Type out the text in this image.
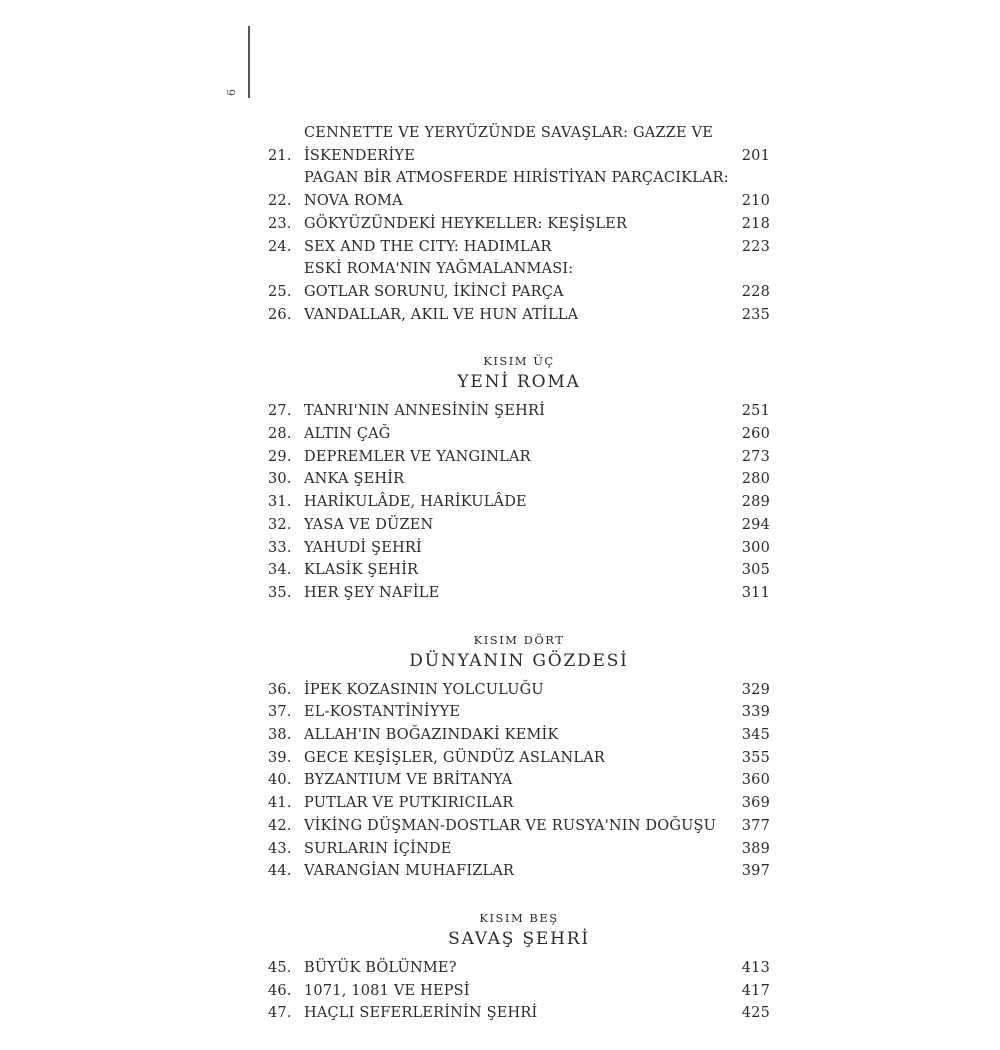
6
21.
CENNETTE VE YERYÜZÜNDE SAVAŞLAR: GAZZE VE
İSKENDERİYE	201
22.
PAGAN BİR ATMOSFERDE HIRİSTİYAN PARÇACIKLAR:
NOVA ROMA	210
23. GÖKYÜZÜNDEKİ HEYKELLER: KEŞİŞLER	218
24. SEX AND THE CITY: HADIMLAR	223
25.
ESKİ ROMA'NIN YAĞMALANMASI:
GOTLAR SORUNU, İKİNCİ PARÇA	228
26. VANDALLAR, AKIL VE HUN ATİLLA	235
KISIM ÜÇ
YENİ ROMA
27. TANRI'NIN ANNESİNİN ŞEHRİ	251
28. ALTIN ÇAĞ	260
29. DEPREMLER VE YANGINLAR	273
30. ANKA ŞEHİR	280
31. HARİKULÂDE, HARİKULÂDE	289
32. YASA VE DÜZEN	294
33. YAHUDİ ŞEHRİ	300
34. KLASİK ŞEHİR	305
35. HER ŞEY NAFİLE	311
KISIM DÖRT
DÜNYANIN GÖZDESİ
36. İPEK KOZASININ YOLCULUĞU	329
37. EL-KOSTANTİNİYYE	339
38. ALLAH'IN BOĞAZINDAKİ KEMİK	345
39. GECE KEŞİŞLER, GÜNDÜZ ASLANLAR	355
40. BYZANTIUM VE BRİTANYA	360
41. PUTLAR VE PUTKIRICILAR	369
42. VİKİNG DÜŞMAN-DOSTLAR VE RUSYA'NIN DOĞUŞU	377
43. SURLARIN İÇİNDE	389
44. VARANGİAN MUHAFIZLAR	397
KISIM BEŞ
SAVAŞ ŞEHRİ
45. BÜYÜK BÖLÜNME?	413
46. 1071, 1081 VE HEPSİ	417
47. HAÇLI SEFERLERİNİN ŞEHRİ	425
